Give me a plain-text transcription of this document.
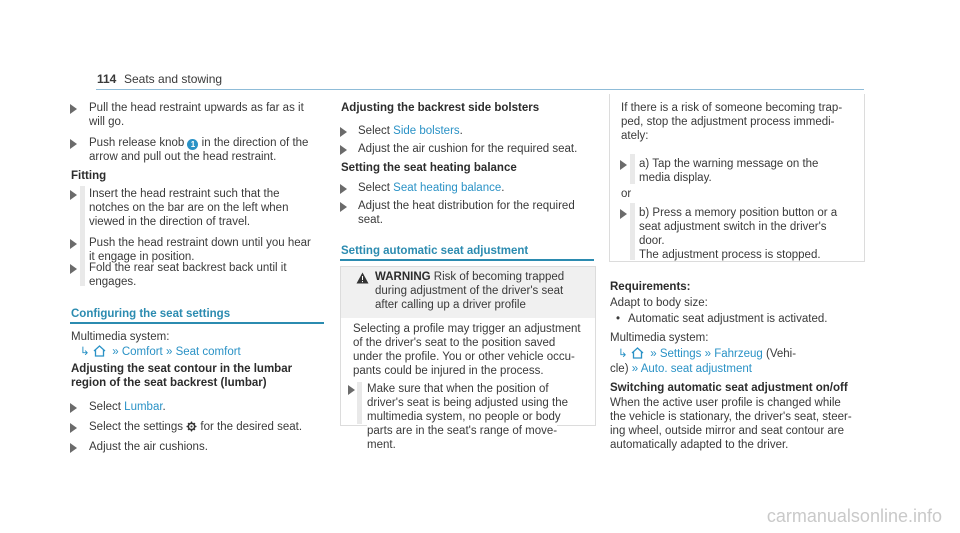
114 Seats and stowing
Pull the head restraint upwards as far as it
will go.
Push release knob 1 in the direction of the
arrow and pull out the head restraint.
Fitting
Insert the head restraint such that the
notches on the bar are on the left when
viewed in the direction of travel.
Push the head restraint down until you hear
it engage in position.
Fold the rear seat backrest back until it
engages.
Configuring the seat settings
Multimedia system:
↳   » Comfort » Seat comfort
Adjusting the seat contour in the lumbar
region of the seat backrest (lumbar)
Select Lumbar.
Select the settings for the desired seat.
Adjust the air cushions.
Adjusting the backrest side bolsters
Select Side bolsters.
Adjust the air cushion for the required seat.
Setting the seat heating balance
Select Seat heating balance.
Adjust the heat distribution for the required
seat.
Setting automatic seat adjustment
WARNING Risk of becoming trapped
during adjustment of the driver's seat
after calling up a driver profile
Selecting a profile may trigger an adjustment
of the driver's seat to the position saved
under the profile. You or other vehicle occu-
pants could be injured in the process.
Make sure that when the position of
driver's seat is being adjusted using the
multimedia system, no people or body
parts are in the seat's range of move-
ment.
If there is a risk of someone becoming trap-
ped, stop the adjustment process immedi-
ately:
a) Tap the warning message on the
media display.
or
b) Press a memory position button or a
seat adjustment switch in the driver's
door.
The adjustment process is stopped.
Requirements:
Adapt to body size:
• Automatic seat adjustment is activated.
Multimedia system:
↳   » Settings » Fahrzeug (Vehi-
cle) » Auto. seat adjustment
Switching automatic seat adjustment on/off
When the active user profile is changed while
the vehicle is stationary, the driver's seat, steer-
ing wheel, outside mirror and seat contour are
automatically adapted to the driver.
carmanualsonline.info
